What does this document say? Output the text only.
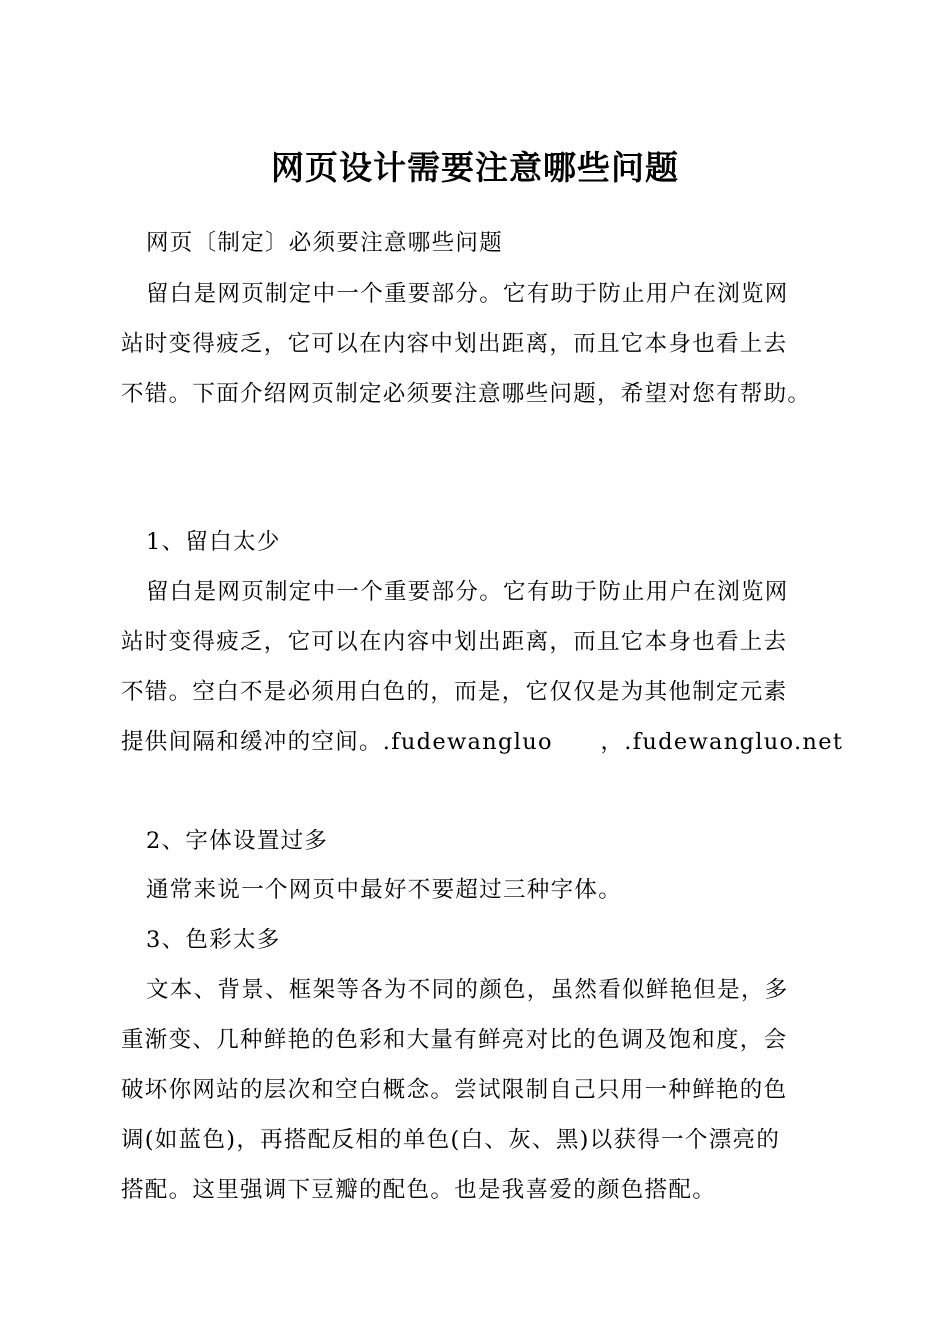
网页设计需要注意哪些问题
网页〔制定〕必须要注意哪些问题
留白是网页制定中一个重要部分。它有助于防止用户在浏览网
站时变得疲乏，它可以在内容中划出距离，而且它本身也看上去
不错。下面介绍网页制定必须要注意哪些问题，希望对您有帮助。
1、留白太少
留白是网页制定中一个重要部分。它有助于防止用户在浏览网
站时变得疲乏，它可以在内容中划出距离，而且它本身也看上去
不错。空白不是必须用白色的，而是，它仅仅是为其他制定元素
提供间隔和缓冲的空间。.fudewangluo　　，.fudewangluo.net
2、字体设置过多
通常来说一个网页中最好不要超过三种字体。
3、色彩太多
文本、背景、框架等各为不同的颜色，虽然看似鲜艳但是，多
重渐变、几种鲜艳的色彩和大量有鲜亮对比的色调及饱和度，会
破坏你网站的层次和空白概念。尝试限制自己只用一种鲜艳的色
调(如蓝色)，再搭配反相的单色(白、灰、黑)以获得一个漂亮的
搭配。这里强调下豆瓣的配色。也是我喜爱的颜色搭配。
